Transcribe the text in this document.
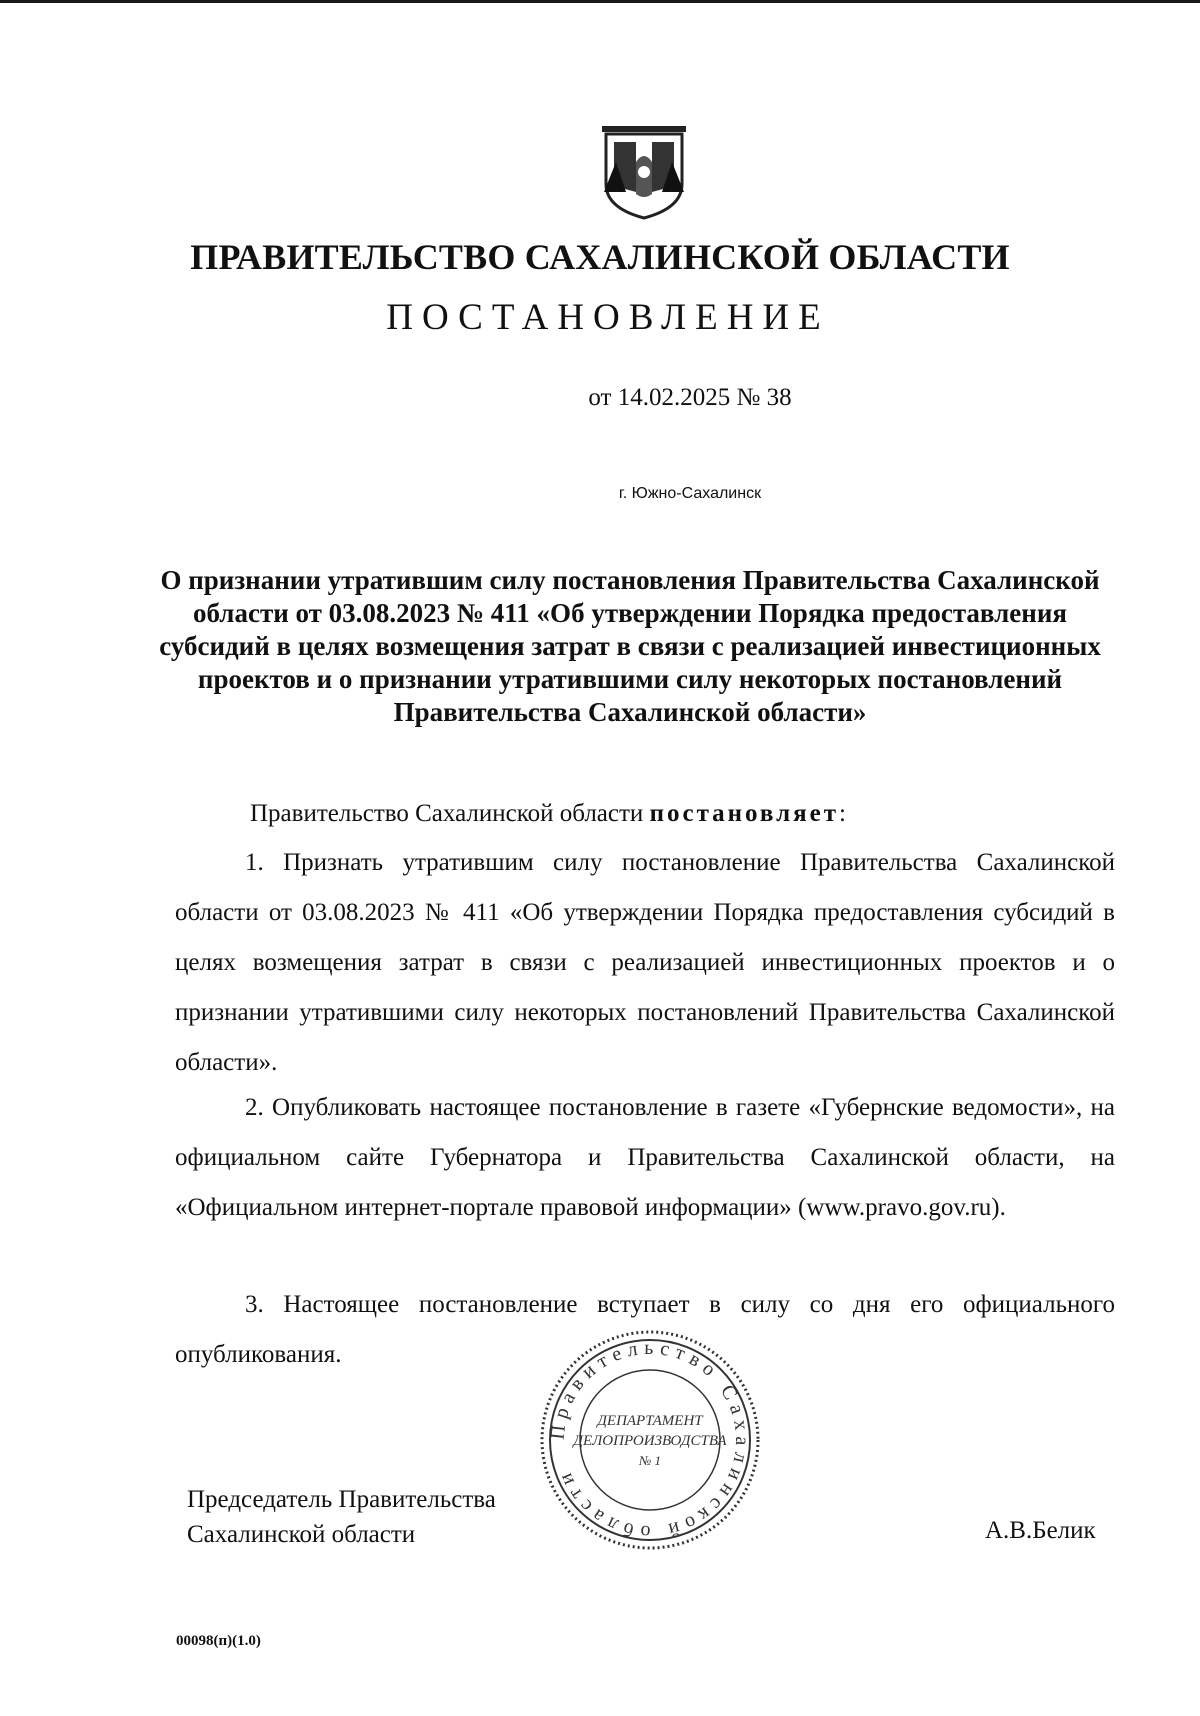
ПРАВИТЕЛЬСТВО САХАЛИНСКОЙ ОБЛАСТИ
ПОСТАНОВЛЕНИЕ
от 14.02.2025 № 38
г. Южно-Сахалинск

О признании утратившим силу постановления Правительства Сахалинской области от 03.08.2023 № 411 «Об утверждении Порядка предоставления субсидий в целях возмещения затрат в связи с реализацией инвестиционных проектов и о признании утратившими силу некоторых постановлений Правительства Сахалинской области»

Правительство Сахалинской области постановляет:

1. Признать утратившим силу постановление Правительства Сахалинской области от 03.08.2023 № 411 «Об утверждении Порядка предоставления субсидий в целях возмещения затрат в связи с реализацией инвестиционных проектов и о признании утратившими силу некоторых постановлений Правительства Сахалинской области».

2. Опубликовать настоящее постановление в газете «Губернские ведомости», на официальном сайте Губернатора и Правительства Сахалинской области, на «Официальном интернет-портале правовой информации» (www.pravo.gov.ru).

3. Настоящее постановление вступает в силу со дня его официального опубликования.

Председатель Правительства
Сахалинской области	А.В.Белик

Правительство Сахалинской области
ДЕПАРТАМЕНТ
ДЕЛОПРОИЗВОДСТВА
№ 1
00098(п)(1.0)
